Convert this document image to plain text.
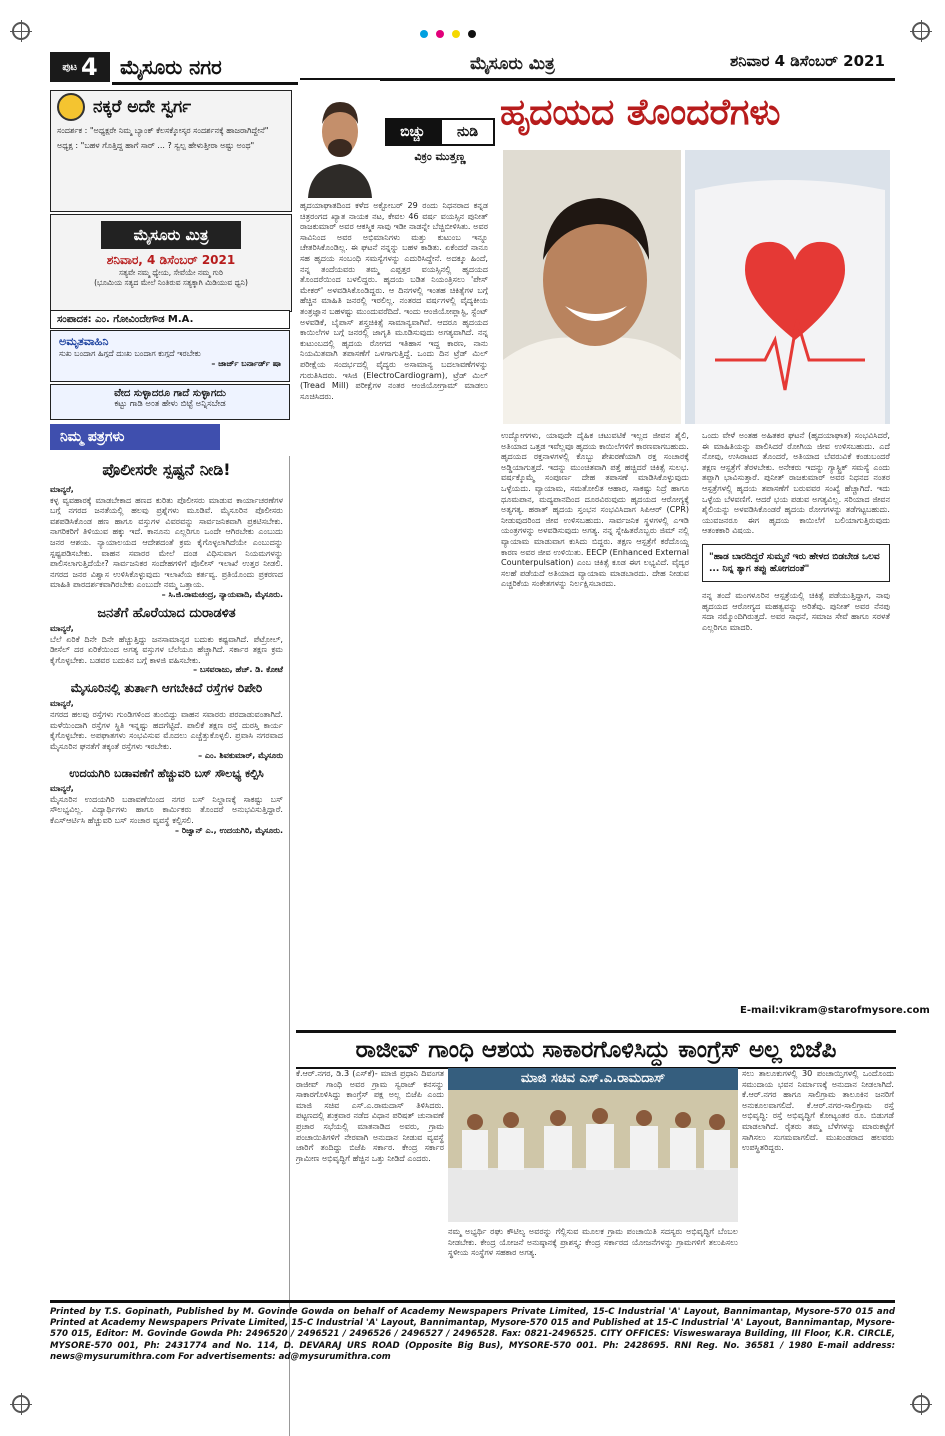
ಪುಟ 4	ಮೈಸೂರು ನಗರ	ಮೈಸೂರು ಮಿತ್ರ	ಶನಿವಾರ 4 ಡಿಸೆಂಬರ್ 2021
ನಕ್ಕರೆ ಅದೇ ಸ್ವರ್ಗ
ಸಂದರ್ಶಕ : "ಅಧ್ಯಕ್ಷರೇ ನಿಮ್ಮ ಬ್ಯಾಂಕ್ ಕೆಲಸಕ್ಕೋಸ್ಕರ ಸಂದರ್ಶನಕ್ಕೆ ಹಾಜರಾಗಿದ್ದೇನೆ"
ಅಧ್ಯಕ್ಷ : "ಬಹಳ ಗೊತ್ತಿದ್ದ ಹಾಗೆ ಸಾರ್ ... ? ಸ್ವಲ್ಪ ಹೇಳುತ್ತೀರಾ ಅಷ್ಟು ಅಂಥ"
ಮೈಸೂರು ಮಿತ್ರ
ಶನಿವಾರ, 4 ಡಿಸೆಂಬರ್ 2021
ಸತ್ಯವೇ ನಮ್ಮ ಧ್ಯೇಯ, ಸೇವೆಯೇ ನಮ್ಮ ಗುರಿ
(ಭೂಮಿಯ ಸತ್ಯದ ಮೇಲೆ ನಿಂತಿರುವ ಸತ್ಯಕ್ಕಾಗಿ ಮಿಡಿಯುವ ಧ್ವನಿ)
ಸಂಪಾದಕ: ಎಂ. ಗೋವಿಂದೇಗೌಡ M.A.
ಅಮೃತವಾಹಿನಿ
ಸುಖ ಬಂದಾಗ ಹಿಗ್ಗದೆ ದುಃಖ ಬಂದಾಗ ಕುಗ್ಗದೆ ಇರಬೇಕು
– ಜಾರ್ಜ್ ಬರ್ನಾರ್ಡ್ ಷಾ
ವೇದ ಸುಳ್ಳಾದರೂ ಗಾದೆ ಸುಳ್ಳಾಗದು
ಕಟ್ಟು ಗಾಡಿ ಅಂತ ಹೇಳು ಬಿಟ್ಟೆ ಅನ್ನಿಸಬೇಡ
ನಿಮ್ಮ ಪತ್ರಗಳು
ಪೊಲೀಸರೇ ಸ್ಪಷ್ಟನೆ ನೀಡಿ!
ಮಾನ್ಯರೆ,
ಕಳ್ಳ ವ್ಯವಹಾರಕ್ಕೆ ಮಾಡಬೇಕಾದ ಹಣದ ಕುರಿತು ಪೊಲೀಸರು ಮಾಡುವ ಕಾರ್ಯಾಚರಣೆಗಳ ಬಗ್ಗೆ ನಗರದ ಜನತೆಯಲ್ಲಿ ಹಲವು ಪ್ರಶ್ನೆಗಳು ಮೂಡಿವೆ. ಮೈಸೂರಿನ ಪೊಲೀಸರು ವಶಪಡಿಸಿಕೊಂಡ ಹಣ ಹಾಗೂ ವಸ್ತುಗಳ ವಿವರವನ್ನು ಸಾರ್ವಜನಿಕವಾಗಿ ಪ್ರಕಟಿಸಬೇಕು. ನಾಗರಿಕರಿಗೆ ತಿಳಿಯುವ ಹಕ್ಕು ಇದೆ. ಕಾನೂನು ಎಲ್ಲರಿಗೂ ಒಂದೇ ಆಗಿರಬೇಕು ಎಂಬುದು ಜನರ ಆಶಯ. ನ್ಯಾಯಾಲಯದ ಆದೇಶದಂತೆ ಕ್ರಮ ಕೈಗೊಳ್ಳಲಾಗಿದೆಯೇ ಎಂಬುದನ್ನು ಸ್ಪಷ್ಟಪಡಿಸಬೇಕು. ವಾಹನ ಸವಾರರ ಮೇಲೆ ದಂಡ ವಿಧಿಸುವಾಗ ನಿಯಮಗಳನ್ನು ಪಾಲಿಸಲಾಗುತ್ತಿದೆಯೇ? ಸಾರ್ವಜನಿಕರ ಸಂದೇಹಗಳಿಗೆ ಪೊಲೀಸ್ ಇಲಾಖೆ ಉತ್ತರ ನೀಡಲಿ. ನಗರದ ಜನರ ವಿಶ್ವಾಸ ಉಳಿಸಿಕೊಳ್ಳುವುದು ಇಲಾಖೆಯ ಕರ್ತವ್ಯ. ಪ್ರತಿಯೊಂದು ಪ್ರಕರಣದ ಮಾಹಿತಿ ಪಾರದರ್ಶಕವಾಗಿರಬೇಕು ಎಂಬುದೇ ನಮ್ಮ ಒತ್ತಾಯ.
– ಸಿ.ಜಿ.ರಾಮಚಂದ್ರ, ನ್ಯಾಯವಾದಿ, ಮೈಸೂರು.
ಜನತೆಗೆ ಹೊರೆಯಾದ ದುರಾಡಳಿತ
ಮಾನ್ಯರೆ,
ಬೆಲೆ ಏರಿಕೆ ದಿನೇ ದಿನೇ ಹೆಚ್ಚುತ್ತಿದ್ದು ಜನಸಾಮಾನ್ಯರ ಬದುಕು ಕಷ್ಟವಾಗಿದೆ. ಪೆಟ್ರೋಲ್, ಡೀಸೆಲ್ ದರ ಏರಿಕೆಯಿಂದ ಅಗತ್ಯ ವಸ್ತುಗಳ ಬೆಲೆಯೂ ಹೆಚ್ಚಾಗಿದೆ. ಸರ್ಕಾರ ತಕ್ಷಣ ಕ್ರಮ ಕೈಗೊಳ್ಳಬೇಕು. ಬಡವರ ಬದುಕಿನ ಬಗ್ಗೆ ಕಾಳಜಿ ವಹಿಸಬೇಕು.
– ಬಸವರಾಜು, ಹೆಚ್. ಡಿ. ಕೋಟೆ
ಮೈಸೂರಿನಲ್ಲಿ ತುರ್ತಾಗಿ ಆಗಬೇಕಿದೆ ರಸ್ತೆಗಳ ರಿಪೇರಿ
ಮಾನ್ಯರೆ,
ನಗರದ ಹಲವು ರಸ್ತೆಗಳು ಗುಂಡಿಗಳಿಂದ ತುಂಬಿದ್ದು ವಾಹನ ಸವಾರರು ಪರದಾಡುವಂತಾಗಿದೆ. ಮಳೆಯಿಂದಾಗಿ ರಸ್ತೆಗಳ ಸ್ಥಿತಿ ಇನ್ನಷ್ಟು ಹದಗೆಟ್ಟಿದೆ. ಪಾಲಿಕೆ ತಕ್ಷಣ ರಸ್ತೆ ದುರಸ್ತಿ ಕಾರ್ಯ ಕೈಗೊಳ್ಳಬೇಕು. ಅಪಘಾತಗಳು ಸಂಭವಿಸುವ ಮೊದಲು ಎಚ್ಚೆತ್ತುಕೊಳ್ಳಲಿ. ಪ್ರವಾಸಿ ನಗರವಾದ ಮೈಸೂರಿನ ಘನತೆಗೆ ತಕ್ಕಂತೆ ರಸ್ತೆಗಳು ಇರಬೇಕು.
– ಎಂ. ಶಿವಕುಮಾರ್, ಮೈಸೂರು
ಉದಯಗಿರಿ ಬಡಾವಣೆಗೆ ಹೆಚ್ಚುವರಿ ಬಸ್ ಸೌಲಭ್ಯ ಕಲ್ಪಿಸಿ
ಮಾನ್ಯರೆ,
ಮೈಸೂರಿನ ಉದಯಗಿರಿ ಬಡಾವಣೆಯಿಂದ ನಗರ ಬಸ್ ನಿಲ್ದಾಣಕ್ಕೆ ಸಾಕಷ್ಟು ಬಸ್ ಸೌಲಭ್ಯವಿಲ್ಲ. ವಿದ್ಯಾರ್ಥಿಗಳು ಹಾಗೂ ಕಾರ್ಮಿಕರು ತೊಂದರೆ ಅನುಭವಿಸುತ್ತಿದ್ದಾರೆ. ಕೆಎಸ್ಆರ್ಟಿಸಿ ಹೆಚ್ಚುವರಿ ಬಸ್ ಸಂಚಾರ ವ್ಯವಸ್ಥೆ ಕಲ್ಪಿಸಲಿ.
– ರಿಜ್ವಾನ್ ಎ., ಉದಯಗಿರಿ, ಮೈಸೂರು.
ಬಿಚ್ಚು	ನುಡಿ
ವಿಕ್ರಂ ಮುತ್ತಣ್ಣ
ಹೃದಯದ ತೊಂದರೆಗಳು
ಹೃದಯಾಘಾತದಿಂದ ಕಳೆದ ಅಕ್ಟೋಬರ್ 29 ರಂದು ನಿಧನರಾದ ಕನ್ನಡ ಚಿತ್ರರಂಗದ ಖ್ಯಾತ ನಾಯಕ ನಟ, ಕೇವಲ 46 ವರ್ಷ ವಯಸ್ಸಿನ ಪುನೀತ್ ರಾಜಕುಮಾರ್ ಅವರ ಆಕಸ್ಮಿಕ ಸಾವು ಇಡೀ ನಾಡನ್ನೇ ಬೆಚ್ಚಿಬೀಳಿಸಿತು. ಅವರ ಸಾವಿನಿಂದ ಅವರ ಅಭಿಮಾನಿಗಳು ಮತ್ತು ಕುಟುಂಬ ಇನ್ನೂ ಚೇತರಿಸಿಕೊಂಡಿಲ್ಲ. ಈ ಘಟನೆ ನನ್ನನ್ನು ಬಹಳ ಕಾಡಿತು. ಏಕೆಂದರೆ ನಾನೂ ಸಹ ಹೃದಯ ಸಂಬಂಧಿ ಸಮಸ್ಯೆಗಳನ್ನು ಎದುರಿಸಿದ್ದೇನೆ. ಅದಕ್ಕೂ ಹಿಂದೆ, ನನ್ನ ತಂದೆಯವರು ತಮ್ಮ ಎಪ್ಪತ್ತರ ವಯಸ್ಸಿನಲ್ಲಿ ಹೃದಯದ ತೊಂದರೆಯಿಂದ ಬಳಲಿದ್ದರು. ಹೃದಯ ಬಡಿತ ನಿಯಂತ್ರಿಸಲು 'ಪೇಸ್ ಮೇಕರ್' ಅಳವಡಿಸಿಕೊಂಡಿದ್ದರು. ಆ ದಿನಗಳಲ್ಲಿ ಇಂತಹ ಚಿಕಿತ್ಸೆಗಳ ಬಗ್ಗೆ ಹೆಚ್ಚಿನ ಮಾಹಿತಿ ಜನರಲ್ಲಿ ಇರಲಿಲ್ಲ. ನಂತರದ ವರ್ಷಗಳಲ್ಲಿ ವೈದ್ಯಕೀಯ ತಂತ್ರಜ್ಞಾನ ಬಹಳಷ್ಟು ಮುಂದುವರೆದಿದೆ. ಇಂದು ಆಂಜಿಯೋಪ್ಲಾಸ್ಟಿ, ಸ್ಟೆಂಟ್ ಅಳವಡಿಕೆ, ಬೈಪಾಸ್ ಶಸ್ತ್ರಚಿಕಿತ್ಸೆ ಸಾಮಾನ್ಯವಾಗಿವೆ. ಆದರೂ ಹೃದಯದ ಕಾಯಿಲೆಗಳ ಬಗ್ಗೆ ಜನರಲ್ಲಿ ಜಾಗೃತಿ ಮೂಡಿಸುವುದು ಅಗತ್ಯವಾಗಿದೆ. ನನ್ನ ಕುಟುಂಬದಲ್ಲಿ ಹೃದಯ ರೋಗದ ಇತಿಹಾಸ ಇದ್ದ ಕಾರಣ, ನಾನು ನಿಯಮಿತವಾಗಿ ತಪಾಸಣೆಗೆ ಒಳಗಾಗುತ್ತಿದ್ದೆ. ಒಂದು ದಿನ ಟ್ರೆಡ್ ಮಿಲ್ ಪರೀಕ್ಷೆಯ ಸಂದರ್ಭದಲ್ಲಿ ವೈದ್ಯರು ಅಸಾಮಾನ್ಯ ಬದಲಾವಣೆಗಳನ್ನು ಗುರುತಿಸಿದರು. ಇಸಿಜಿ (ElectroCardiogram), ಟ್ರೆಡ್ ಮಿಲ್ (Tread Mill) ಪರೀಕ್ಷೆಗಳ ನಂತರ ಆಂಜಿಯೋಗ್ರಾಮ್ ಮಾಡಲು ಸೂಚಿಸಿದರು.
ಉದ್ಯೋಗಗಳು, ಯಾವುದೇ ದೈಹಿಕ ಚಟುವಟಿಕೆ ಇಲ್ಲದ ಜೀವನ ಶೈಲಿ, ಅತಿಯಾದ ಒತ್ತಡ ಇವೆಲ್ಲವೂ ಹೃದಯ ಕಾಯಿಲೆಗಳಿಗೆ ಕಾರಣವಾಗಬಹುದು. ಹೃದಯದ ರಕ್ತನಾಳಗಳಲ್ಲಿ ಕೊಬ್ಬು ಶೇಖರಣೆಯಾಗಿ ರಕ್ತ ಸಂಚಾರಕ್ಕೆ ಅಡ್ಡಿಯಾಗುತ್ತದೆ. ಇದನ್ನು ಮುಂಚಿತವಾಗಿ ಪತ್ತೆ ಹಚ್ಚಿದರೆ ಚಿಕಿತ್ಸೆ ಸುಲಭ. ವರ್ಷಕ್ಕೊಮ್ಮೆ ಸಂಪೂರ್ಣ ದೇಹ ತಪಾಸಣೆ ಮಾಡಿಸಿಕೊಳ್ಳುವುದು ಒಳ್ಳೆಯದು. ವ್ಯಾಯಾಮ, ಸಮತೋಲಿತ ಆಹಾರ, ಸಾಕಷ್ಟು ನಿದ್ರೆ ಹಾಗೂ ಧೂಮಪಾನ, ಮದ್ಯಪಾನದಿಂದ ದೂರವಿರುವುದು ಹೃದಯದ ಆರೋಗ್ಯಕ್ಕೆ ಅತ್ಯಗತ್ಯ. ಹಠಾತ್ ಹೃದಯ ಸ್ತಂಭನ ಸಂಭವಿಸಿದಾಗ ಸಿಪಿಆರ್ (CPR) ನೀಡುವುದರಿಂದ ಜೀವ ಉಳಿಸಬಹುದು. ಸಾರ್ವಜನಿಕ ಸ್ಥಳಗಳಲ್ಲಿ ಎಇಡಿ ಯಂತ್ರಗಳನ್ನು ಅಳವಡಿಸುವುದು ಅಗತ್ಯ. ನನ್ನ ಸ್ನೇಹಿತರೊಬ್ಬರು ಜಿಮ್ ನಲ್ಲಿ ವ್ಯಾಯಾಮ ಮಾಡುವಾಗ ಕುಸಿದು ಬಿದ್ದರು. ತಕ್ಷಣ ಆಸ್ಪತ್ರೆಗೆ ಕರೆದೊಯ್ದ ಕಾರಣ ಅವರ ಜೀವ ಉಳಿಯಿತು. EECP (Enhanced External Counterpulsation) ಎಂಬ ಚಿಕಿತ್ಸೆ ಕೂಡ ಈಗ ಲಭ್ಯವಿದೆ. ವೈದ್ಯರ ಸಲಹೆ ಪಡೆಯದೆ ಅತಿಯಾದ ವ್ಯಾಯಾಮ ಮಾಡಬಾರದು. ದೇಹ ನೀಡುವ ಎಚ್ಚರಿಕೆಯ ಸಂಕೇತಗಳನ್ನು ನಿರ್ಲಕ್ಷಿಸಬಾರದು.
ಒಂದು ವೇಳೆ ಅಂತಹ ಅಹಿತಕರ ಘಟನೆ (ಹೃದಯಾಘಾತ) ಸಂಭವಿಸಿದರೆ, ಈ ಮಾಹಿತಿಯನ್ನು ಪಾಲಿಸಿದರೆ ರೋಗಿಯ ಜೀವ ಉಳಿಸಬಹುದು. ಎದೆ ನೋವು, ಉಸಿರಾಟದ ತೊಂದರೆ, ಅತಿಯಾದ ಬೆವರುವಿಕೆ ಕಂಡುಬಂದರೆ ತಕ್ಷಣ ಆಸ್ಪತ್ರೆಗೆ ತೆರಳಬೇಕು. ಅನೇಕರು ಇದನ್ನು ಗ್ಯಾಸ್ಟ್ರಿಕ್ ಸಮಸ್ಯೆ ಎಂದು ತಪ್ಪಾಗಿ ಭಾವಿಸುತ್ತಾರೆ. ಪುನೀತ್ ರಾಜಕುಮಾರ್ ಅವರ ನಿಧನದ ನಂತರ ಆಸ್ಪತ್ರೆಗಳಲ್ಲಿ ಹೃದಯ ತಪಾಸಣೆಗೆ ಬರುವವರ ಸಂಖ್ಯೆ ಹೆಚ್ಚಾಗಿದೆ. ಇದು ಒಳ್ಳೆಯ ಬೆಳವಣಿಗೆ. ಆದರೆ ಭಯ ಪಡುವ ಅಗತ್ಯವಿಲ್ಲ. ಸರಿಯಾದ ಜೀವನ ಶೈಲಿಯನ್ನು ಅಳವಡಿಸಿಕೊಂಡರೆ ಹೃದಯ ರೋಗಗಳನ್ನು ತಡೆಗಟ್ಟಬಹುದು. ಯುವಜನರೂ ಈಗ ಹೃದಯ ಕಾಯಿಲೆಗೆ ಬಲಿಯಾಗುತ್ತಿರುವುದು ಆತಂಕಕಾರಿ ವಿಷಯ.
"ಹಾಡ ಬಾರದಿದ್ದರೆ ಸುಮ್ಮನೆ ಇರು ಹೇಳದ ಬಿಡಬೇಡ ಒಲವ ... ನಿನ್ನ ತ್ಯಾಗ ತಪ್ಪು ಹೋಗದಂತೆ"
ನನ್ನ ತಂದೆ ಮಂಗಳೂರಿನ ಆಸ್ಪತ್ರೆಯಲ್ಲಿ ಚಿಕಿತ್ಸೆ ಪಡೆಯುತ್ತಿದ್ದಾಗ, ನಾವು ಹೃದಯದ ಆರೋಗ್ಯದ ಮಹತ್ವವನ್ನು ಅರಿತೆವು. ಪುನೀತ್ ಅವರ ನೆನಪು ಸದಾ ನಮ್ಮೊಂದಿಗಿರುತ್ತದೆ. ಅವರ ಸಾಧನೆ, ಸಮಾಜ ಸೇವೆ ಹಾಗೂ ಸರಳತೆ ಎಲ್ಲರಿಗೂ ಮಾದರಿ.
E-mail:vikram@starofmysore.com
ರಾಜೀವ್ ಗಾಂಧಿ ಆಶಯ ಸಾಕಾರಗೊಳಿಸಿದ್ದು ಕಾಂಗ್ರೆಸ್ ಅಲ್ಲ ಬಿಜೆಪಿ
ಕೆ.ಆರ್.ನಗರ, ಡಿ.3 (ಎಸ್‌ಕೆ)- ಮಾಜಿ ಪ್ರಧಾನಿ ದಿವಂಗತ ರಾಜೀವ್ ಗಾಂಧಿ ಅವರ ಗ್ರಾಮ ಸ್ವರಾಜ್ ಕನಸನ್ನು ಸಾಕಾರಗೊಳಿಸಿದ್ದು ಕಾಂಗ್ರೆಸ್ ಪಕ್ಷ ಅಲ್ಲ ಬಿಜೆಪಿ ಎಂದು ಮಾಜಿ ಸಚಿವ ಎಸ್.ಎ.ರಾಮದಾಸ್ ತಿಳಿಸಿದರು. ಪಟ್ಟಣದಲ್ಲಿ ಶುಕ್ರವಾರ ನಡೆದ ವಿಧಾನ ಪರಿಷತ್ ಚುನಾವಣೆ ಪ್ರಚಾರ ಸಭೆಯಲ್ಲಿ ಮಾತನಾಡಿದ ಅವರು, ಗ್ರಾಮ ಪಂಚಾಯಿತಿಗಳಿಗೆ ನೇರವಾಗಿ ಅನುದಾನ ನೀಡುವ ವ್ಯವಸ್ಥೆ ಜಾರಿಗೆ ತಂದಿದ್ದು ಬಿಜೆಪಿ ಸರ್ಕಾರ. ಕೇಂದ್ರ ಸರ್ಕಾರ ಗ್ರಾಮೀಣ ಅಭಿವೃದ್ಧಿಗೆ ಹೆಚ್ಚಿನ ಒತ್ತು ನೀಡಿದೆ ಎಂದರು.
ಮಾಜಿ ಸಚಿವ ಎಸ್.ಎ.ರಾಮದಾಸ್
ನಮ್ಮ ಅಭ್ಯರ್ಥಿ ರಘು ಕೌಟಿಲ್ಯ ಅವರನ್ನು ಗೆಲ್ಲಿಸುವ ಮೂಲಕ ಗ್ರಾಮ ಪಂಚಾಯಿತಿ ಸದಸ್ಯರು ಅಭಿವೃದ್ಧಿಗೆ ಬೆಂಬಲ ನೀಡಬೇಕು. ಕೇಂದ್ರ ಯೋಜನೆ ಅನುಷ್ಠಾನಕ್ಕೆ ಪ್ರಾಶಸ್ತ್ಯ: ಕೇಂದ್ರ ಸರ್ಕಾರದ ಯೋಜನೆಗಳನ್ನು ಗ್ರಾಮಗಳಿಗೆ ತಲುಪಿಸಲು ಸ್ಥಳೀಯ ಸಂಸ್ಥೆಗಳ ಸಹಕಾರ ಅಗತ್ಯ.
ಸಲು ತಾಲೂಕುಗಳಲ್ಲಿ 30 ಪಂಚಾಯ್ತಿಗಳಲ್ಲಿ ಒಂದೊಂದು ಸಮುದಾಯ ಭವನ ನಿರ್ಮಾಣಕ್ಕೆ ಅನುದಾನ ನೀಡಲಾಗಿದೆ. ಕೆ.ಆರ್.ನಗರ ಹಾಗೂ ಸಾಲಿಗ್ರಾಮ ತಾಲೂಕಿನ ಜನರಿಗೆ ಅನುಕೂಲವಾಗಲಿದೆ. ಕೆ.ಆರ್.ನಗರ-ಸಾಲಿಗ್ರಾಮ ರಸ್ತೆ ಅಭಿವೃದ್ಧಿ: ರಸ್ತೆ ಅಭಿವೃದ್ಧಿಗೆ ಕೋಟ್ಯಂತರ ರೂ. ಬಿಡುಗಡೆ ಮಾಡಲಾಗಿದೆ. ರೈತರು ತಮ್ಮ ಬೆಳೆಗಳನ್ನು ಮಾರುಕಟ್ಟೆಗೆ ಸಾಗಿಸಲು ಸುಗಮವಾಗಲಿದೆ. ಮುಖಂಡರಾದ ಹಲವರು ಉಪಸ್ಥಿತರಿದ್ದರು.
Printed by T.S. Gopinath, Published by M. Govinde Gowda on behalf of Academy Newspapers Private Limited, 15-C Industrial 'A' Layout, Bannimantap, Mysore-570 015 and Printed at Academy Newspapers Private Limited, 15-C Industrial 'A' Layout, Bannimantap, Mysore-570 015 and Published at 15-C Industrial 'A' Layout, Bannimantap, Mysore-570 015, Editor: M. Govinde Gowda Ph: 2496520 / 2496521 / 2496526 / 2496527 / 2496528. Fax: 0821-2496525. CITY OFFICES: Visweswaraya Building, III Floor, K.R. CIRCLE, MYSORE-570 001, Ph: 2431774 and No. 114, D. DEVARAJ URS ROAD (Opposite Big Bus), MYSORE-570 001. Ph: 2428695. RNI Reg. No. 36581 / 1980 E-mail address: news@mysurumithra.com For advertisements: ad@mysurumithra.com
